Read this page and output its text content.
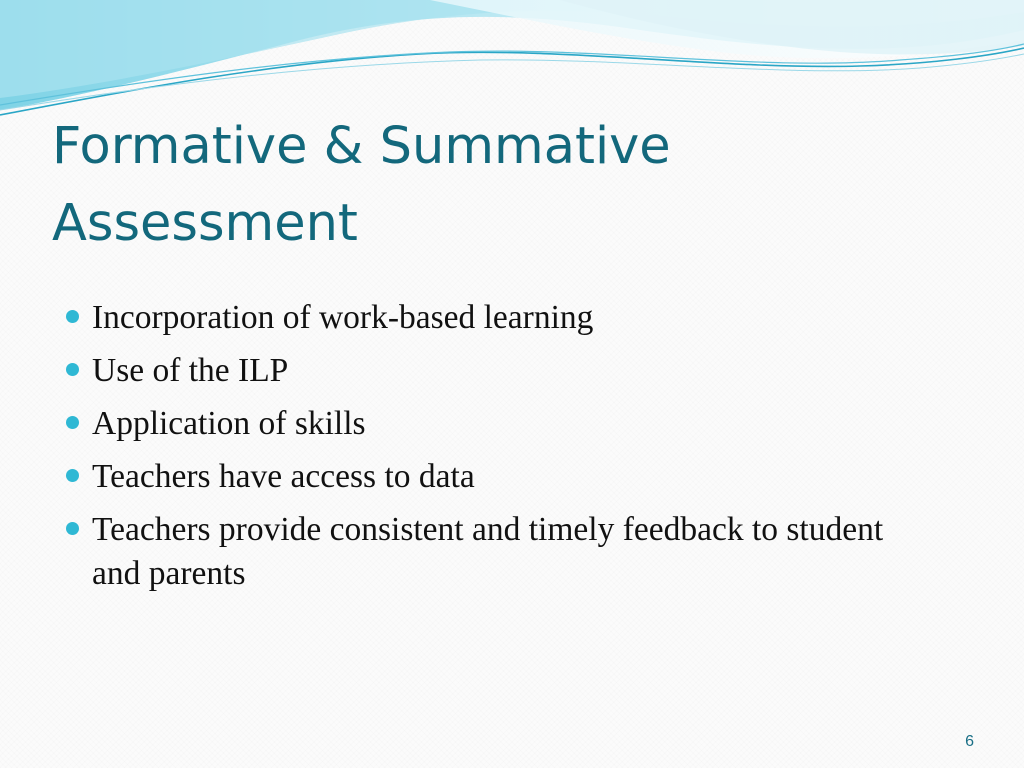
Formative & Summative
Assessment
Incorporation of work-based learning
Use of the ILP
Application of skills
Teachers have access to data
Teachers provide consistent and timely feedback to student and parents
6
